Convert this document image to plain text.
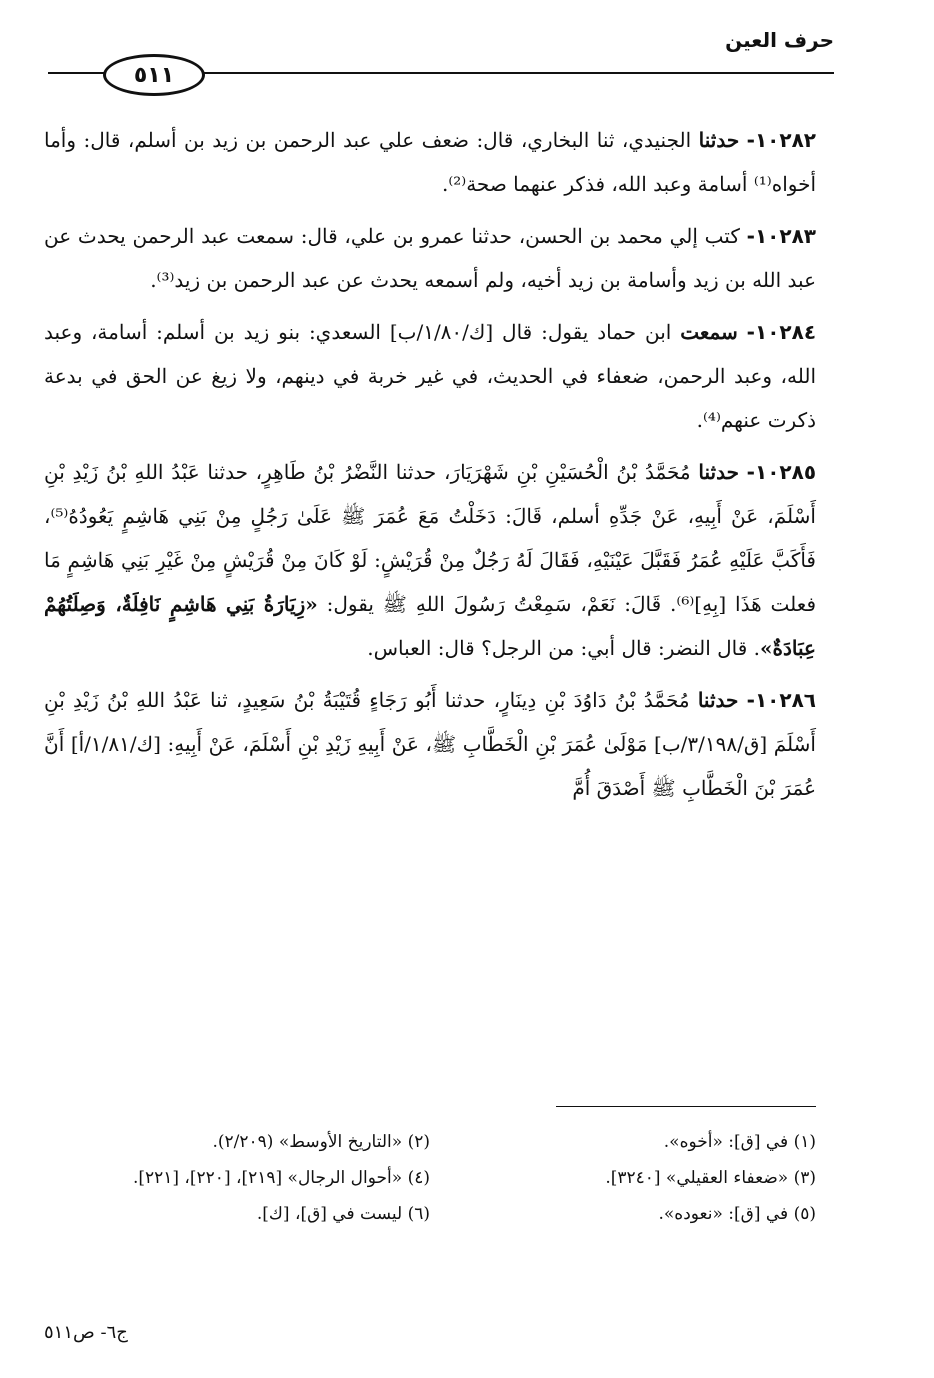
حرف العين
٥١١

١٠٢٨٢- حدثنا الجنيدي، ثنا البخاري، قال: ضعف علي عبد الرحمن بن زيد بن أسلم، قال: وأما أخواه⁽¹⁾ أسامة وعبد الله، فذكر عنهما صحة⁽²⁾.

١٠٢٨٣- كتب إلي محمد بن الحسن، حدثنا عمرو بن علي، قال: سمعت عبد الرحمن يحدث عن عبد الله بن زيد وأسامة بن زيد أخيه، ولم أسمعه يحدث عن عبد الرحمن بن زيد⁽³⁾.

١٠٢٨٤- سمعت ابن حماد يقول: قال [ك/١/٨٠/ب] السعدي: بنو زيد بن أسلم: أسامة، وعبد الله، وعبد الرحمن، ضعفاء في الحديث، في غير خربة في دينهم، ولا زيغ عن الحق في بدعة ذكرت عنهم⁽⁴⁾.

١٠٢٨٥- حدثنا مُحَمَّدُ بْنُ الْحُسَيْنِ بْنِ شَهْرَيَارَ، حدثنا النَّضْرُ بْنُ طَاهِرٍ، حدثنا عَبْدُ اللهِ بْنُ زَيْدِ بْنِ أَسْلَمَ، عَنْ أَبِيهِ، عَنْ جَدِّهِ أسلم، قَالَ: دَخَلْتُ مَعَ عُمَرَ ﷺ عَلَىٰ رَجُلٍ مِنْ بَنِي هَاشِمٍ يَعُودُهُ⁽⁵⁾، فَأَكَبَّ عَلَيْهِ عُمَرُ فَقَبَّلَ عَيْنَيْهِ، فَقَالَ لَهُ رَجُلٌ مِنْ قُرَيْشٍ: لَوْ كَانَ مِنْ قُرَيْشٍ مِنْ غَيْرِ بَنِي هَاشِمٍ مَا فعلت هَذَا [بِهِ]⁽⁶⁾. قَالَ: نَعَمْ، سَمِعْتُ رَسُولَ اللهِ ﷺ يقول: «زِيَارَةُ بَنِي هَاشِمٍ نَافِلَةٌ، وَصِلَتُهُمْ عِبَادَةٌ». قال النضر: قال أبي: من الرجل؟ قال: العباس.

١٠٢٨٦- حدثنا مُحَمَّدُ بْنُ دَاوُدَ بْنِ دِينَارٍ، حدثنا أَبُو رَجَاءٍ قُتَيْبَةُ بْنُ سَعِيدٍ، ثنا عَبْدُ اللهِ بْنُ زَيْدِ بْنِ أَسْلَمَ [ق/٣/١٩٨/ب] مَوْلَىٰ عُمَرَ بْنِ الْخَطَّابِ ﷺ، عَنْ أَبِيهِ زَيْدِ بْنِ أَسْلَمَ، عَنْ أَبِيهِ: [ك/١/٨١/أ] أَنَّ عُمَرَ بْنَ الْخَطَّابِ ﷺ أَصْدَقَ أُمَّ

(١) في [ق]: «أخوه».
(٢) «التاريخ الأوسط» (٢/٢٠٩).
(٣) «ضعفاء العقيلي» [٣٢٤٠].
(٤) «أحوال الرجال» [٢١٩]، [٢٢٠]، [٢٢١].
(٥) في [ق]: «نعوده».
(٦) ليست في [ق]، [ك].
ج٦- ص٥١١
